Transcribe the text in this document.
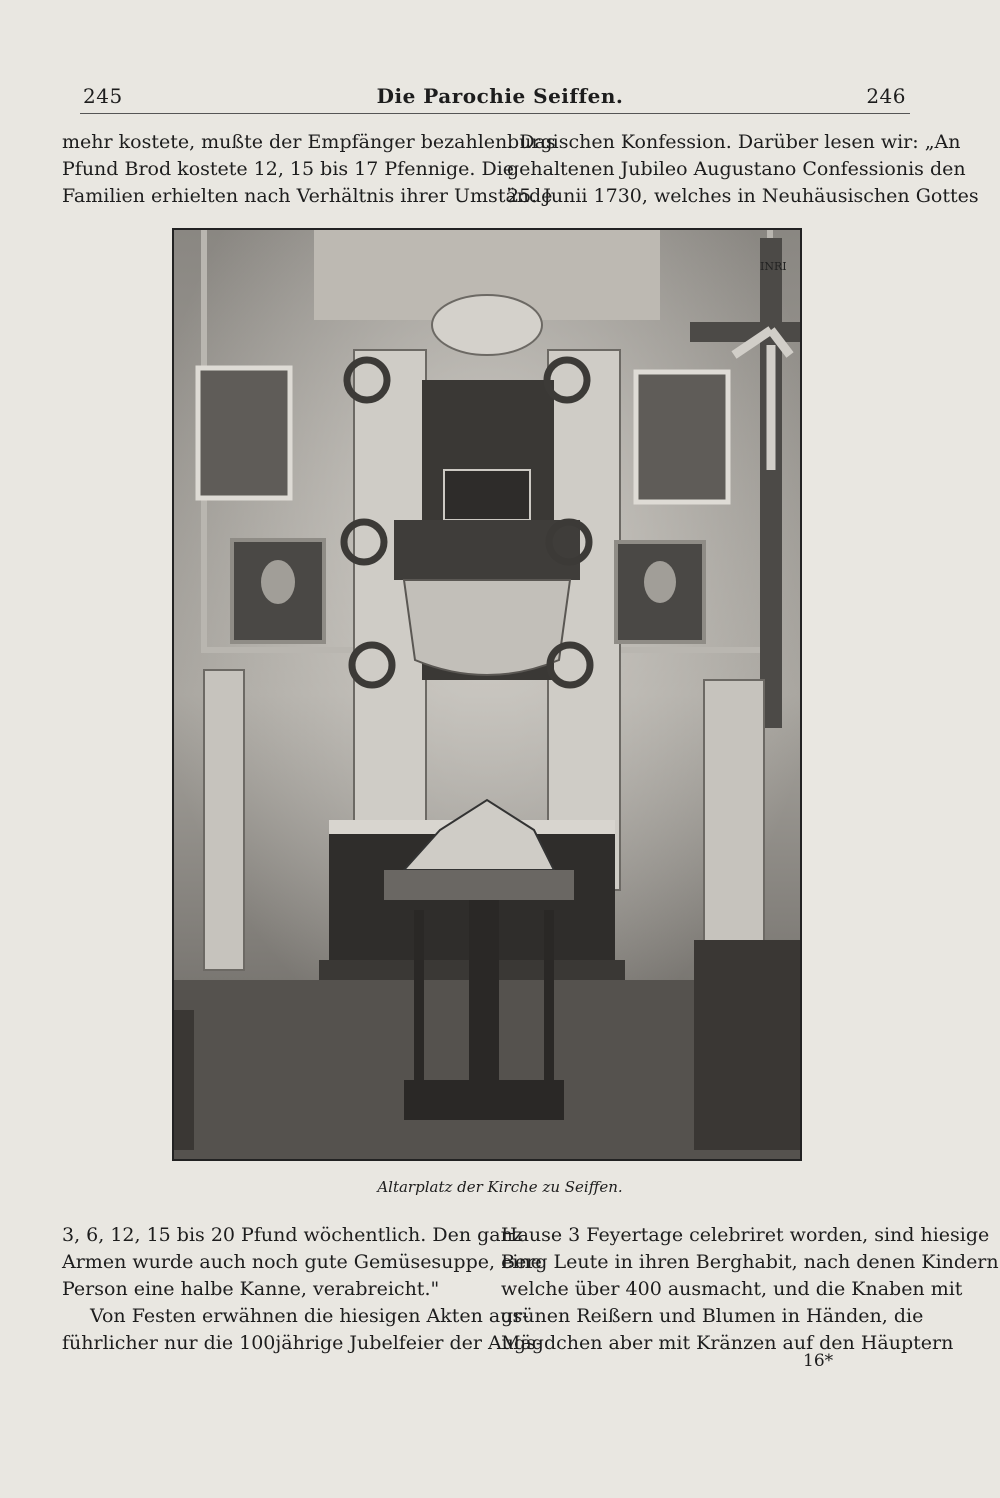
245	Die Parochie Seiffen.	246
mehr kostete, mußte der Empfänger bezahlen. Das
Pfund Brod kostete 12, 15 bis 17 Pfennige. Die
Familien erhielten nach Verhältnis ihrer Umstände
burgischen Konfession. Darüber lesen wir: „An
gehaltenen Jubileo Augustano Confessionis den
25. Junii 1730, welches in Neuhäusischen Gottes
INRI
Altarplatz der Kirche zu Seiffen.
3, 6, 12, 15 bis 20 Pfund wöchentlich. Den ganz
Armen wurde auch noch gute Gemüsesuppe, eine
Person eine halbe Kanne, verabreicht."
Von Festen erwähnen die hiesigen Akten aus-
führlicher nur die 100jährige Jubelfeier der Augs-
Hause 3 Feyertage celebriret worden, sind hiesige
Berg Leute in ihren Berghabit, nach denen Kindern
welche über 400 ausmacht, und die Knaben mit
grünen Reißern und Blumen in Händen, die
Mägdchen aber mit Kränzen auf den Häuptern
16*
